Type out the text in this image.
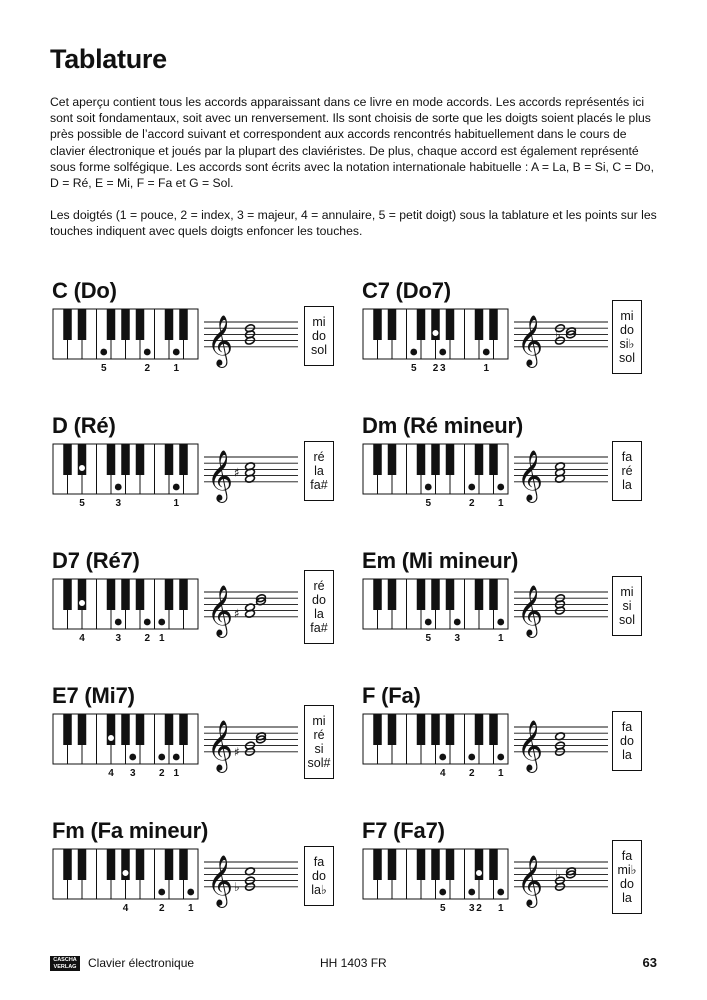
Tablature

Cet aperçu contient tous les accords apparaissant dans ce livre en mode accords. Les accords représentés ici sont soit fondamentaux, soit avec un renversement. Ils sont choisis de sorte que les doigts soient placés le plus près possible de l’accord suivant et correspondent aux accords rencontrés habituellement dans le cours de clavier électronique et joués par la plupart des claviéristes. De plus, chaque accord est également représenté sous forme solfégique. Les accords sont écrits avec la notation internationale habituelle : A = La, B = Si, C = Do, D = Ré, E = Mi, F = Fa et G = Sol.

Les doigtés (1 = pouce, 2 = index, 3 = majeur, 4 = annulaire, 5 = petit doigt) sous la tablature et les points sur les touches indiquent avec quels doigts enfoncer les touches.

C (Do)
5	2 1
𝄞	mi
do
sol
C7 (Do7)
5 3
2	1
𝄞 ♭
mi
do
si♭
sol
D (Ré)
5	3	1
𝄞 ♯
ré
la
fa#
Dm (Ré mineur)
5	2 1
𝄞	fa
ré
la
D7 (Ré7)
4	3 2 1
𝄞 ♯
ré
do
la
fa#
Em (Mi mineur)
5 3	1
𝄞	mi
si
sol
E7 (Mi7)
4 3 2 1
𝄞 ♯
mi
ré
si
sol#
F (Fa)
4 2 1
𝄞	fa
do
la
Fm (Fa mineur)
4	2 1
𝄞 ♭
fa
do
la♭
F7 (Fa7)
5 3 2 1
𝄞 ♭
fa
mi♭
do
la
CASCHA
VERLAG Clavier électronique	HH 1403 FR	63
